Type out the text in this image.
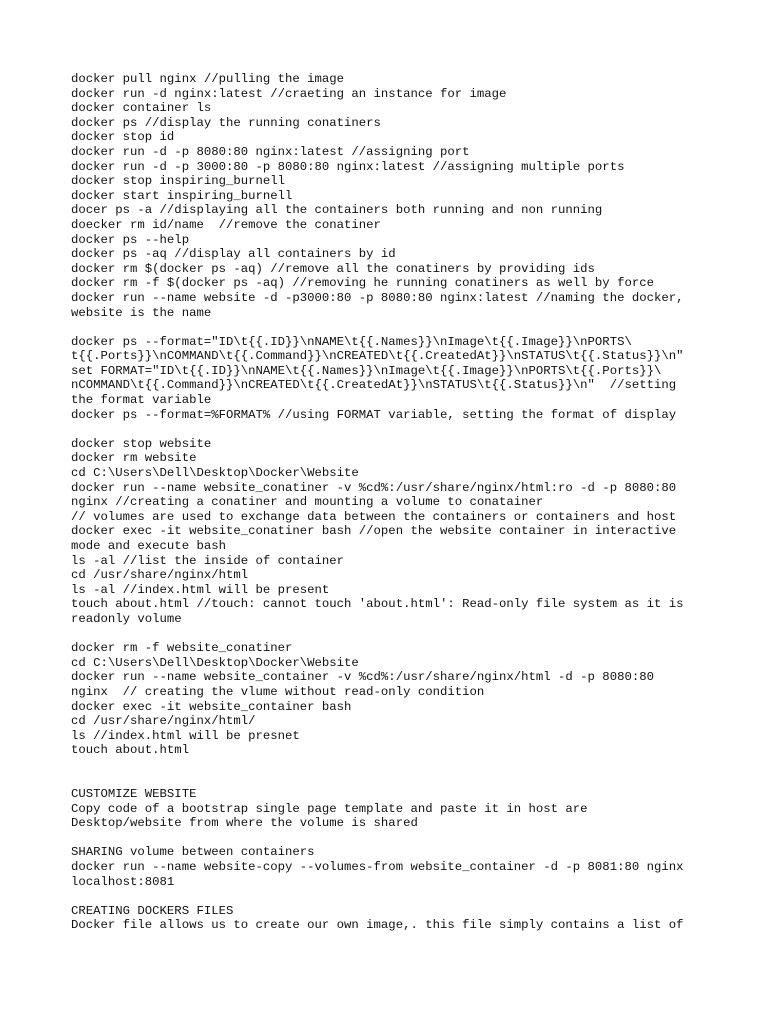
docker pull nginx //pulling the image
docker run -d nginx:latest //craeting an instance for image
docker container ls
docker ps //display the running conatiners
docker stop id
docker run -d -p 8080:80 nginx:latest //assigning port
docker run -d -p 3000:80 -p 8080:80 nginx:latest //assigning multiple ports
docker stop inspiring_burnell
docker start inspiring_burnell
docer ps -a //displaying all the containers both running and non running
doecker rm id/name  //remove the conatiner
docker ps --help
docker ps -aq //display all containers by id
docker rm $(docker ps -aq) //remove all the conatiners by providing ids
docker rm -f $(docker ps -aq) //removing he running conatiners as well by force
docker run --name website -d -p3000:80 -p 8080:80 nginx:latest //naming the docker,
website is the name
docker ps --format="ID\t{{.ID}}\nNAME\t{{.Names}}\nImage\t{{.Image}}\nPORTS\
t{{.Ports}}\nCOMMAND\t{{.Command}}\nCREATED\t{{.CreatedAt}}\nSTATUS\t{{.Status}}\n"
set FORMAT="ID\t{{.ID}}\nNAME\t{{.Names}}\nImage\t{{.Image}}\nPORTS\t{{.Ports}}\
nCOMMAND\t{{.Command}}\nCREATED\t{{.CreatedAt}}\nSTATUS\t{{.Status}}\n"  //setting
the format variable
docker ps --format=%FORMAT% //using FORMAT variable, setting the format of display
docker stop website
docker rm website
cd C:\Users\Dell\Desktop\Docker\Website
docker run --name website_conatiner -v %cd%:/usr/share/nginx/html:ro -d -p 8080:80
nginx //creating a conatiner and mounting a volume to conatainer
// volumes are used to exchange data between the containers or containers and host
docker exec -it website_conatiner bash //open the website container in interactive
mode and execute bash
ls -al //list the inside of container
cd /usr/share/nginx/html
ls -al //index.html will be present
touch about.html //touch: cannot touch 'about.html': Read-only file system as it is
readonly volume
docker rm -f website_conatiner
cd C:\Users\Dell\Desktop\Docker\Website
docker run --name website_container -v %cd%:/usr/share/nginx/html -d -p 8080:80
nginx  // creating the vlume without read-only condition
docker exec -it website_container bash
cd /usr/share/nginx/html/
ls //index.html will be presnet
touch about.html
CUSTOMIZE WEBSITE
Copy code of a bootstrap single page template and paste it in host are
Desktop/website from where the volume is shared
SHARING volume between containers
docker run --name website-copy --volumes-from website_container -d -p 8081:80 nginx
localhost:8081
CREATING DOCKERS FILES
Docker file allows us to create our own image,. this file simply contains a list of
